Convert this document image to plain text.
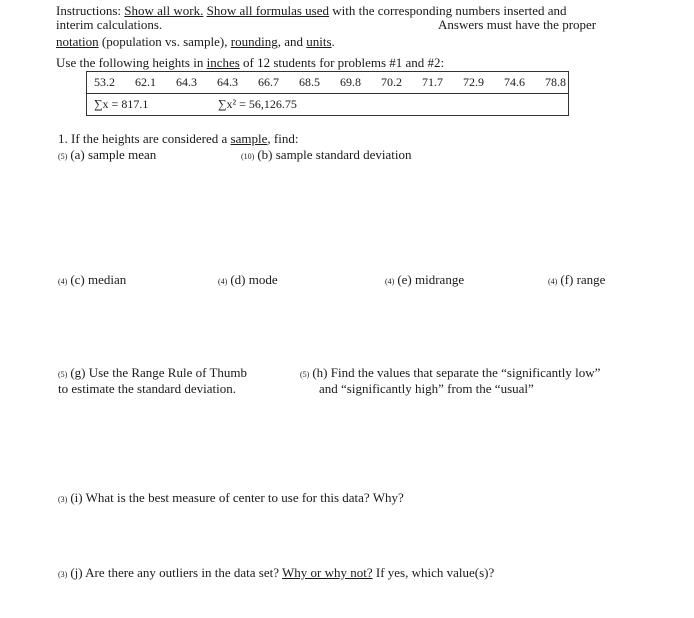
Instructions: Show all work. Show all formulas used with the corresponding numbers inserted and
interim calculations.	Answers must have the proper
notation (population vs. sample), rounding, and units.
Use the following heights in inches of 12 students for problems #1 and #2:
53.2 62.1 64.3 64.3 66.7 68.5 69.8 70.2 71.7 72.9 74.6 78.8

∑x = 817.1	∑x² = 56,126.75
1. If the heights are considered a sample, find:
(5) (a) sample mean	(10) (b) sample standard deviation
(4) (c) median	(4) (d) mode	(4) (e) midrange	(4) (f) range
(5) (g) Use the Range Rule of Thumb
to estimate the standard deviation.
(5) (h) Find the values that separate the “significantly low”
and “significantly high” from the “usual”
(3) (i) What is the best measure of center to use for this data? Why?
(3) (j) Are there any outliers in the data set? Why or why not? If yes, which value(s)?
